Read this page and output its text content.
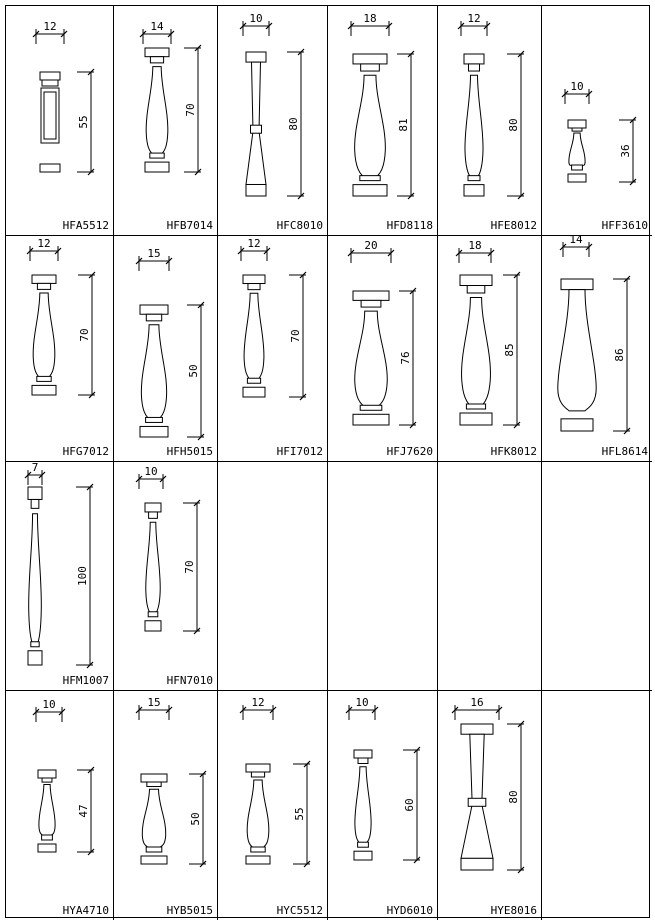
12
55
HFA5512
14
70
HFB7014
10
80
HFC8010
18
81
HFD8118
12
80
HFE8012
10
36
HFF3610
12
70
HFG7012
15
50
HFH5015
12
70
HFI7012
20
76
HFJ7620
18
85
HFK8012
14
86
HFL8614
7
100
HFM1007
10
70
HFN7010
10
47
HYA4710
15
50
HYB5015
12
55
HYC5512
10
60
HYD6010
16
80
HYE8016
